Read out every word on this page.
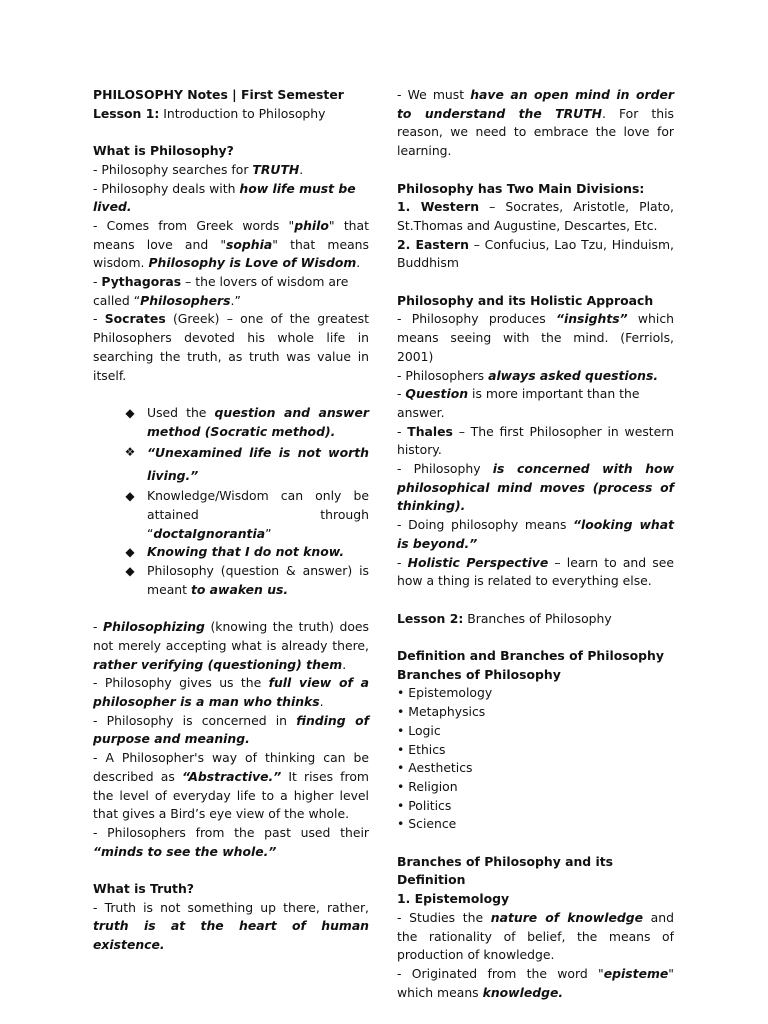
PHILOSOPHY Notes | First Semester

Lesson 1: Introduction to Philosophy

What is Philosophy?

- Philosophy searches for TRUTH.

- Philosophy deals with how life must be lived.

- Comes from Greek words "philo" that means love and "sophia" that means wisdom. Philosophy is Love of Wisdom.

- Pythagoras – the lovers of wisdom are called “Philosophers.”

- Socrates (Greek) – one of the greatest Philosophers devoted his whole life in searching the truth, as truth was value in itself.

◆ Used the question and answer method (Socratic method).
❖ “Unexamined life is not worth living.”
◆ Knowledge/Wisdom can only be attained through “doctaIgnorantia”
◆ Knowing that I do not know.
◆ Philosophy (question & answer) is meant to awaken us.

- Philosophizing (knowing the truth) does not merely accepting what is already there, rather verifying (questioning) them.

- Philosophy gives us the full view of a philosopher is a man who thinks.

- Philosophy is concerned in finding of purpose and meaning.

- A Philosopher's way of thinking can be described as “Abstractive.” It rises from the level of everyday life to a higher level that gives a Bird’s eye view of the whole.

- Philosophers from the past used their “minds to see the whole.”

What is Truth?

- Truth is not something up there, rather, truth is at the heart of human existence.

- We must have an open mind in order to understand the TRUTH. For this reason, we need to embrace the love for learning.

Philosophy has Two Main Divisions:

1. Western – Socrates, Aristotle, Plato, St.Thomas and Augustine, Descartes, Etc.

2. Eastern – Confucius, Lao Tzu, Hinduism, Buddhism

Philosophy and its Holistic Approach

- Philosophy produces “insights” which means seeing with the mind. (Ferriols, 2001)

- Philosophers always asked questions.

- Question is more important than the answer.

- Thales – The first Philosopher in western history.

- Philosophy is concerned with how philosophical mind moves (process of thinking).

- Doing philosophy means “looking what is beyond.”

- Holistic Perspective – learn to and see how a thing is related to everything else.

Lesson 2: Branches of Philosophy

Definition and Branches of Philosophy

Branches of Philosophy

• Epistemology
• Metaphysics
• Logic
• Ethics
• Aesthetics
• Religion
• Politics
• Science

Branches of Philosophy and its Definition

1. Epistemology

- Studies the nature of knowledge and the rationality of belief, the means of production of knowledge.

- Originated from the word "episteme" which means knowledge.
